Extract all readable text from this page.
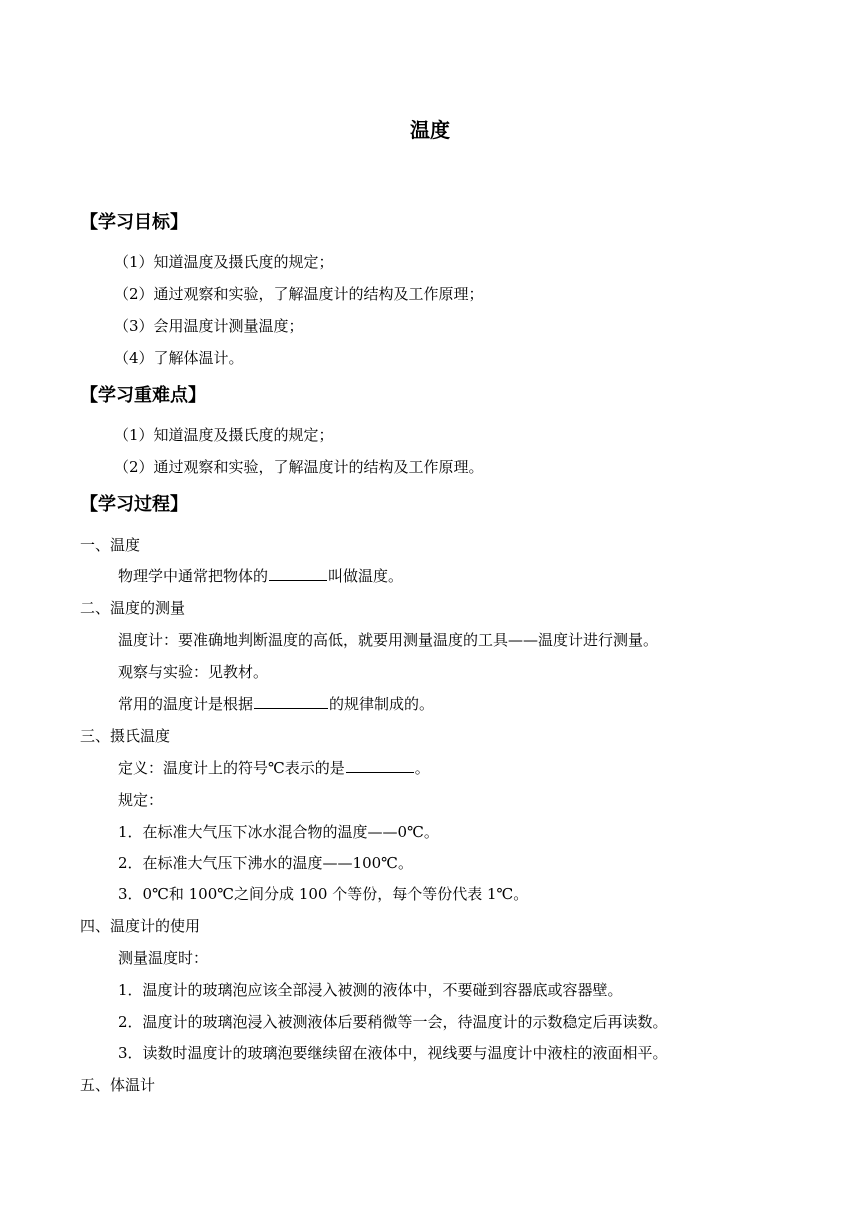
温度
【学习目标】
（1）知道温度及摄氏度的规定；
（2）通过观察和实验，了解温度计的结构及工作原理；
（3）会用温度计测量温度；
（4）了解体温计。
【学习重难点】
（1）知道温度及摄氏度的规定；
（2）通过观察和实验，了解温度计的结构及工作原理。
【学习过程】
一、温度
物理学中通常把物体的	叫做温度。
二、温度的测量
温度计：要准确地判断温度的高低，就要用测量温度的工具——温度计进行测量。
观察与实验：见教材。
常用的温度计是根据	的规律制成的。
三、摄氏温度
定义：温度计上的符号℃表示的是	。
规定：
1．在标准大气压下冰水混合物的温度——0℃。
2．在标准大气压下沸水的温度——100℃。
3．0℃和 100℃之间分成 100 个等份，每个等份代表 1℃。
四、温度计的使用
测量温度时：
1．温度计的玻璃泡应该全部浸入被测的液体中，不要碰到容器底或容器壁。
2．温度计的玻璃泡浸入被测液体后要稍微等一会，待温度计的示数稳定后再读数。
3．读数时温度计的玻璃泡要继续留在液体中，视线要与温度计中液柱的液面相平。
五、体温计
